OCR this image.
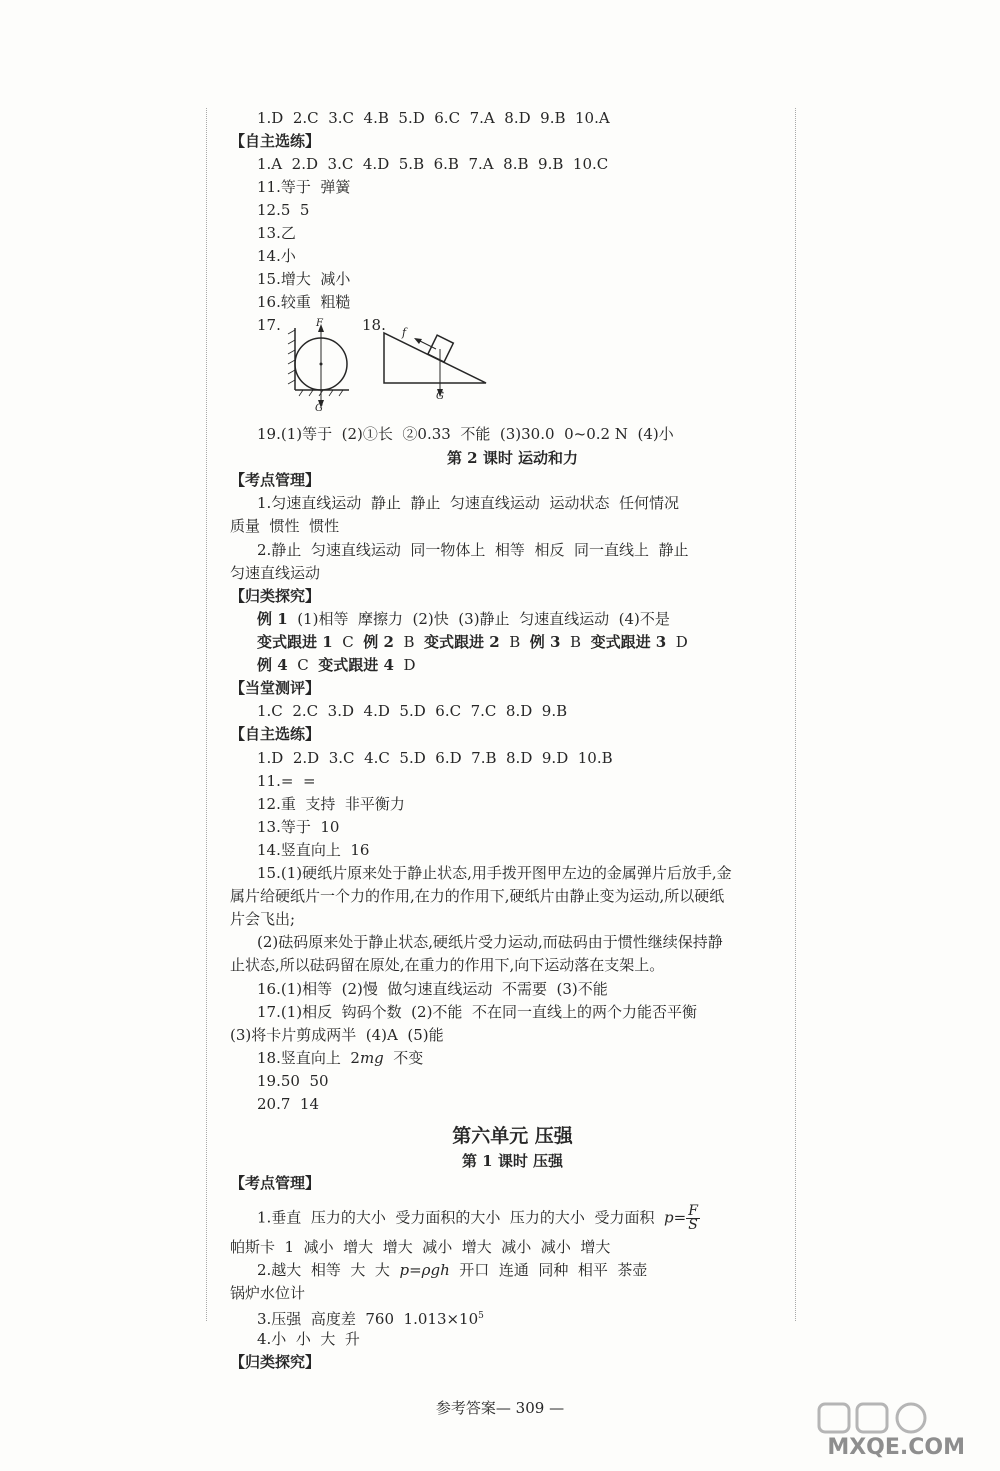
1.D  2.C  3.C  4.B  5.D  6.C  7.A  8.D  9.B  10.A
【自主选练】
1.A  2.D  3.C  4.D  5.B  6.B  7.A  8.B  9.B  10.C
11.等于  弹簧
12.5  5
13.乙
14.小
15.增大  减小
16.较重  粗糙
17.	F
G
18. f
G
19.(1)等于  (2)①长  ②0.33  不能  (3)30.0  0~0.2 N  (4)小
第 2 课时 运动和力
【考点管理】
1.匀速直线运动  静止  静止  匀速直线运动  运动状态  任何情况
质量  惯性  惯性
2.静止  匀速直线运动  同一物体上  相等  相反  同一直线上  静止
匀速直线运动
【归类探究】
例 1  (1)相等  摩擦力  (2)快  (3)静止  匀速直线运动  (4)不是
变式跟进 1  C  例 2  B  变式跟进 2  B  例 3  B  变式跟进 3  D
例 4  C  变式跟进 4  D
【当堂测评】
1.C  2.C  3.D  4.D  5.D  6.C  7.C  8.D  9.B
【自主选练】
1.D  2.D  3.C  4.C  5.D  6.D  7.B  8.D  9.D  10.B
11.=  =
12.重  支持  非平衡力
13.等于  10
14.竖直向上  16
15.(1)硬纸片原来处于静止状态,用手拨开图甲左边的金属弹片后放手,金
属片给硬纸片一个力的作用,在力的作用下,硬纸片由静止变为运动,所以硬纸
片会飞出;
(2)砝码原来处于静止状态,硬纸片受力运动,而砝码由于惯性继续保持静
止状态,所以砝码留在原处,在重力的作用下,向下运动落在支架上。
16.(1)相等  (2)慢  做匀速直线运动  不需要  (3)不能
17.(1)相反  钩码个数  (2)不能  不在同一直线上的两个力能否平衡
(3)将卡片剪成两半  (4)A  (5)能
18.竖直向上  2mg  不变
19.50  50
20.7  14
第六单元 压强
第 1 课时 压强
【考点管理】
1.垂直  压力的大小  受力面积的大小  压力的大小  受力面积  $p= \frac{F}{S}$
帕斯卡  1  减小  增大  增大  减小  增大  减小  减小  增大
2.越大  相等  大  大  p=ρgh  开口  连通  同种  相平  茶壶
锅炉水位计
3.压强  高度差  760  $1.013\times 10^5$
4.小  小  大  升
【归类探究】
参考答案— 309 —
MXQE.COM
